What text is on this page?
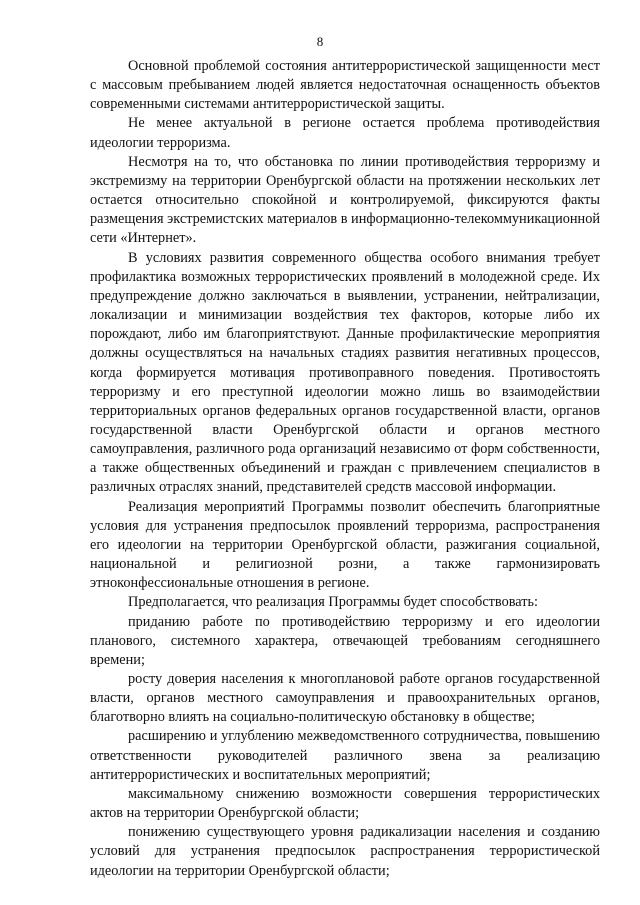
8

Основной проблемой состояния антитеррористической защищенности мест с массовым пребыванием людей является недостаточная оснащенность объектов современными системами антитеррористической защиты.

Не менее актуальной в регионе остается проблема противодействия идеологии терроризма.

Несмотря на то, что обстановка по линии противодействия терроризму и экстремизму на территории Оренбургской области на протяжении нескольких лет остается относительно спокойной и контролируемой, фиксируются факты размещения экстремистских материалов в информационно-телекоммуникационной сети «Интернет».

В условиях развития современного общества особого внимания требует профилактика возможных террористических проявлений в молодежной среде. Их предупреждение должно заключаться в выявлении, устранении, нейтрализации, локализации и минимизации воздействия тех факторов, которые либо их порождают, либо им благоприятствуют. Данные профилактические мероприятия должны осуществляться на начальных стадиях развития негативных процессов, когда формируется мотивация противоправного поведения. Противостоять терроризму и его преступной идеологии можно лишь во взаимодействии территориальных органов федеральных органов государственной власти, органов государственной власти Оренбургской области и органов местного самоуправления, различного рода организаций независимо от форм собственности, а также общественных объединений и граждан с привлечением специалистов в различных отраслях знаний, представителей средств массовой информации.

Реализация мероприятий Программы позволит обеспечить благоприятные условия для устранения предпосылок проявлений терроризма, распространения его идеологии на территории Оренбургской области, разжигания социальной, национальной и религиозной розни, а также гармонизировать этноконфессиональные отношения в регионе.

Предполагается, что реализация Программы будет способствовать:

приданию работе по противодействию терроризму и его идеологии планового, системного характера, отвечающей требованиям сегодняшнего времени;

росту доверия населения к многоплановой работе органов государственной власти, органов местного самоуправления и правоохранительных органов, благотворно влиять на социально-политическую обстановку в обществе;

расширению и углублению межведомственного сотрудничества, повышению ответственности руководителей различного звена за реализацию антитеррористических и воспитательных мероприятий;

максимальному снижению возможности совершения террористических актов на территории Оренбургской области;

понижению существующего уровня радикализации населения и созданию условий для устранения предпосылок распространения террористической идеологии на территории Оренбургской области;
